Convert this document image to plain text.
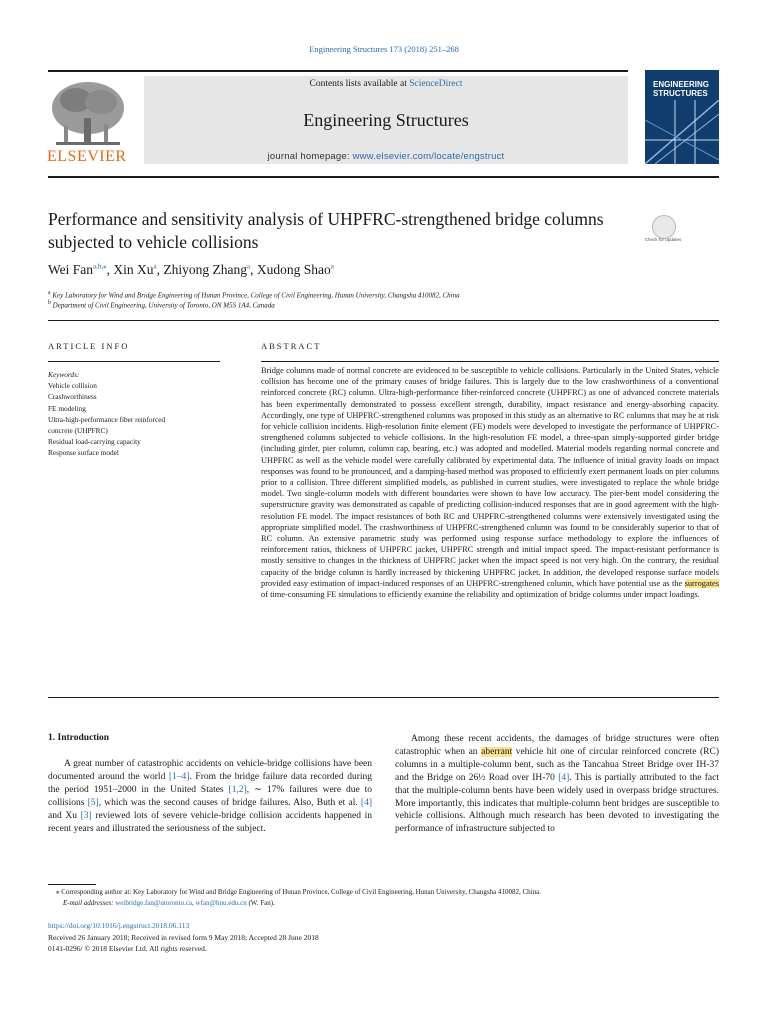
Engineering Structures 173 (2018) 251–268
ELSEVIER
Contents lists available at ScienceDirect
Engineering Structures
journal homepage: www.elsevier.com/locate/engstruct
ENGINEERING
STRUCTURES
Performance and sensitivity analysis of UHPFRC-strengthened bridge columns subjected to vehicle collisions	Check for updates
Wei Fan$^{a,b,⁎}$, Xin Xu$^a$, Zhiyong Zhang$^a$, Xudong Shao$^a$
$^a$ Key Laboratory for Wind and Bridge Engineering of Hunan Province, College of Civil Engineering, Hunan University, Changsha 410082, China
$^b$ Department of Civil Engineering, University of Toronto, ON M5S 1A4, Canada
ARTICLE INFO	ABSTRACT
Keywords:
Vehicle collision
Crashworthiness
FE modeling
Ultra-high-performance fiber reinforced
concrete (UHPFRC)
Residual load-carrying capacity
Response surface model
Bridge columns made of normal concrete are evidenced to be susceptible to vehicle collisions. Particularly in the United States, vehicle collision has become one of the primary causes of bridge failures. This is largely due to the low crashworthiness of a conventional reinforced concrete (RC) column. Ultra-high-performance fiber-reinforced concrete (UHPFRC) as one of advanced concrete materials has been experimentally demonstrated to possess excellent strength, durability, impact resistance and energy-absorbing capacity. Accordingly, one type of UHPFRC-strengthened columns was proposed in this study as an alternative to RC columns that may be at risk for vehicle collision incidents. High-resolution finite element (FE) models were developed to investigate the performance of UHPFRC-strengthened columns subjected to vehicle collisions. In the high-resolution FE model, a three-span simply-supported girder bridge (including girder, pier column, column cap, bearing, etc.) was adopted and modelled. Material models regarding normal concrete and UHPFRC as well as the vehicle model were carefully calibrated by experimental data. The influence of initial gravity loads on impact responses was found to be pronounced, and a damping-based method was proposed to efficiently exert permanent loads on pier columns prior to a collision. Three different simplified models, as published in current studies, were investigated to replace the whole bridge model. Two single-column models with different boundaries were shown to have low accuracy. The pier-bent model considering the superstructure gravity was demonstrated as capable of predicting collision-induced responses that are in good agreement with the high-resolution FE model. The impact resistances of both RC and UHPFRC-strengthened columns were extensively investigated using the appropriate simplified model. The crashworthiness of UHPFRC-strengthened column was found to be considerably superior to that of RC column. An extensive parametric study was performed using response surface methodology to explore the influences of reinforcement ratios, thickness of UHPFRC jacket, UHPFRC strength and initial impact speed. The impact-resistant performance is mostly sensitive to changes in the thickness of UHPFRC jacket when the impact speed is not very high. On the contrary, the residual capacity of the bridge column is hardly increased by thickening UHPFRC jacket. In addition, the developed response surface models provided easy estimation of impact-induced responses of an UHPFRC-strengthened column, which have potential use as the surrogates of time-consuming FE simulations to efficiently examine the reliability and optimization of bridge columns under impact loadings.
1. Introduction

A great number of catastrophic accidents on vehicle-bridge collisions have been documented around the world [1–4]. From the bridge failure data recorded during the period 1951–2000 in the United States [1,2], ∼ 17% failures were due to collisions [5], which was the second causes of bridge failures. Also, Buth et al. [4] and Xu [3] reviewed lots of severe vehicle-bridge collision accidents happened in recent years and illustrated the seriousness of the subject.

Among these recent accidents, the damages of bridge structures were often catastrophic when an aberrant vehicle hit one of circular reinforced concrete (RC) columns in a multiple-column bent, such as the Tancahua Street Bridge over IH-37 and the Bridge on 26½ Road over IH-70 [4]. This is partially attributed to the fact that the multiple-column bents have been widely used in overpass bridge structures. More importantly, this indicates that multiple-column bent bridges are susceptible to vehicle collisions. Although much research has been devoted to investigating the performance of infrastructure subjected to

⁎ Corresponding author at: Key Laboratory for Wind and Bridge Engineering of Hunan Province, College of Civil Engineering, Hunan University, Changsha 410082, China.
E-mail addresses: weibridge.fan@utoronto.ca, wfan@hnu.edu.cn (W. Fan).
https://doi.org/10.1016/j.engstruct.2018.06.113
Received 26 January 2018; Received in revised form 9 May 2018; Accepted 28 June 2018
0141-0296/ © 2018 Elsevier Ltd. All rights reserved.
